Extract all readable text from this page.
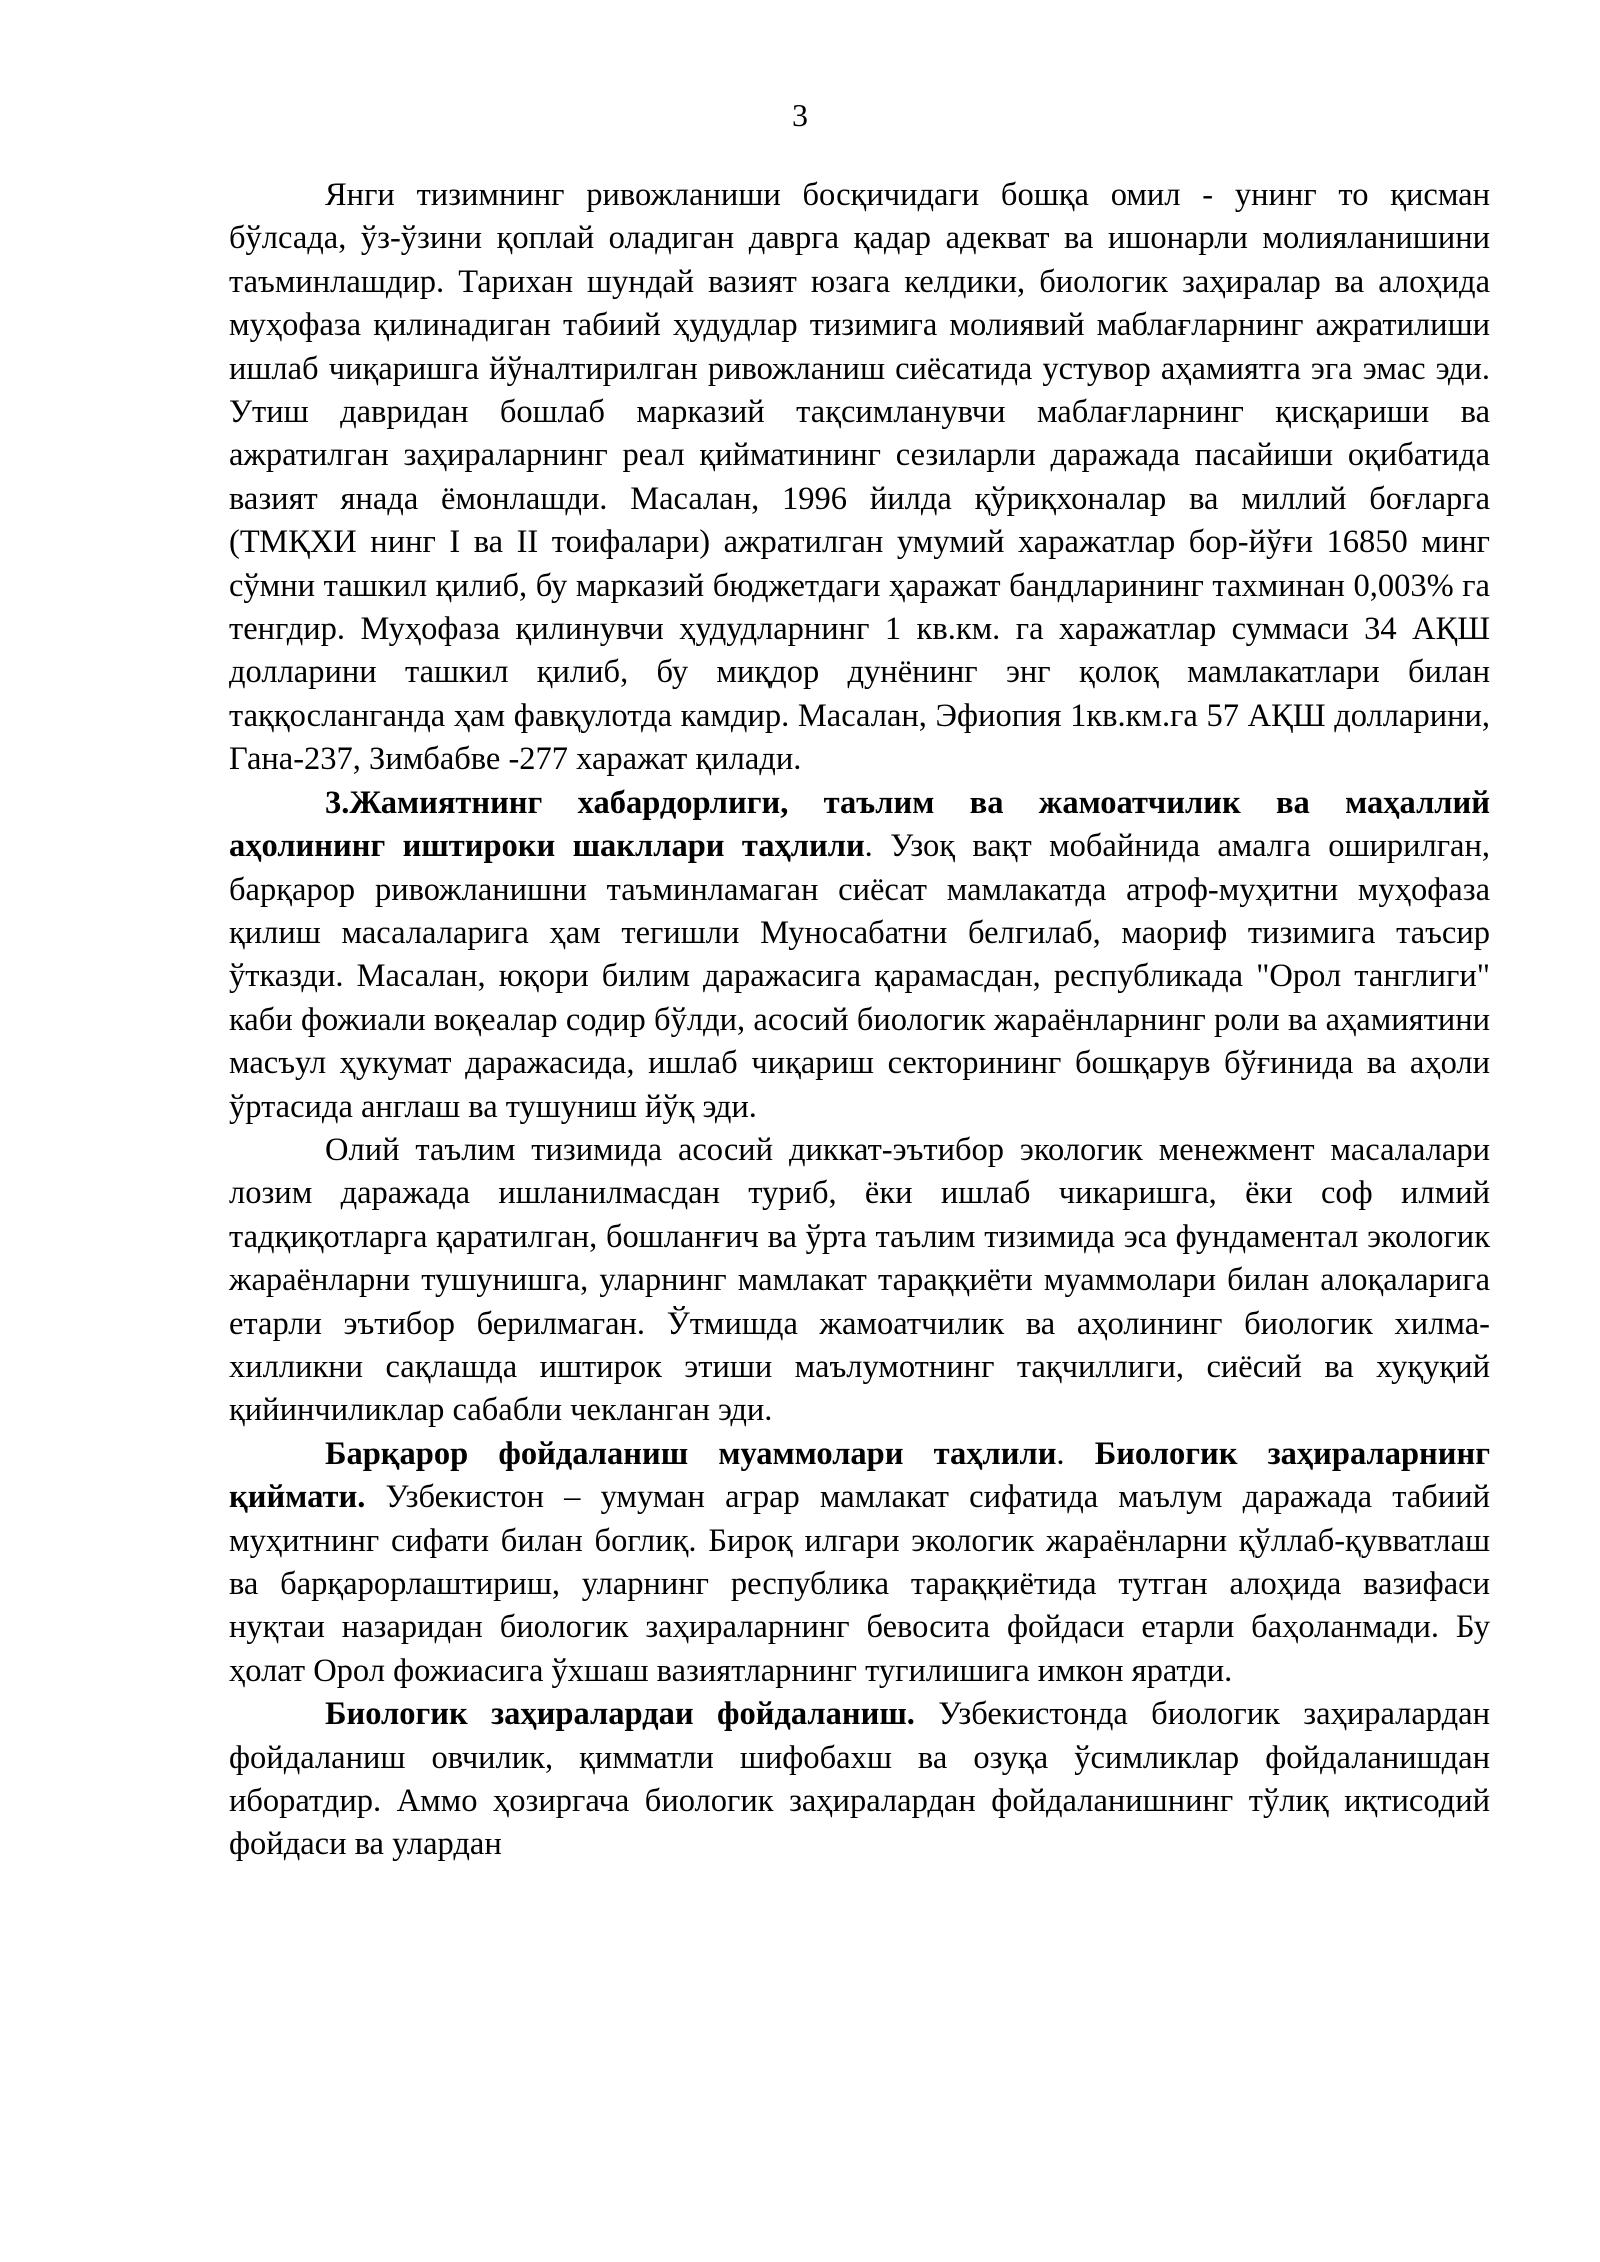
3

Янги тизимнинг ривожланиши босқичидаги бошқа омил - унинг то қисман бўлсада, ўз-ўзини қоплай оладиган даврга қадар адекват ва ишонарли молияланишини таъминлашдир. Тарихан шундай вазият юзага келдики, биологик заҳиралар ва алоҳида муҳофаза қилинадиган табиий ҳудудлар тизимига молиявий маблағларнинг ажратилиши ишлаб чиқаришга йўналтирилган ривожланиш сиёсатида устувор аҳамиятга эга эмас эди. Утиш давридан бошлаб марказий тақсимланувчи маблағларнинг қисқариши ва ажратилган заҳираларнинг реал қийматининг сезиларли даражада пасайиши оқибатида вазият янада ёмонлашди. Масалан, 1996 йилда қўриқхоналар ва миллий боғларга (ТМҚХИ нинг I ва II тоифалари) ажратилган умумий харажатлар бор-йўғи 16850 минг сўмни ташкил қилиб, бу марказий бюджетдаги ҳаражат бандларининг тахминан 0,003% га тенгдир. Муҳофаза қилинувчи ҳудудларнинг 1 кв.км. га харажатлар суммаси 34 АҚШ долларини ташкил қилиб, бу миқдор дунёнинг энг қолоқ мамлакатлари билан таққосланганда ҳам фавқулотда камдир. Масалан, Эфиопия 1кв.км.га 57 АҚШ долларини, Гана-237, Зимбабве -277 харажат қилади.

3.Жамиятнинг хабардорлиги, таълим ва жамоатчилик ва маҳаллий аҳолининг иштироки шакллари таҳлили. Узоқ вақт мобайнида амалга оширилган, барқарор ривожланишни таъминламаган сиёсат мамлакатда атроф-муҳитни муҳофаза қилиш масалаларига ҳам тегишли Муносабатни белгилаб, маориф тизимига таъсир ўтказди. Масалан, юқори билим даражасига қарамасдан, республикада "Орол танглиги" каби фожиали воқеалар содир бўлди, асосий биологик жараёнларнинг роли ва аҳамиятини масъул ҳукумат даражасида, ишлаб чиқариш секторининг бошқарув бўғинида ва аҳоли ўртасида англаш ва тушуниш йўқ эди.

Олий таълим тизимида асосий диккат-эътибор экологик менежмент масалалари лозим даражада ишланилмасдан туриб, ёки ишлаб чикаришга, ёки соф илмий тадқиқотларга қаратилган, бошланғич ва ўрта таълим тизимида эса фундаментал экологик жараёнларни тушунишга, уларнинг мамлакат тараққиёти муаммолари билан алоқаларига етарли эътибор берилмаган. Ўтмишда жамоатчилик ва аҳолининг биологик хилма-хилликни сақлашда иштирок этиши маълумотнинг тақчиллиги, сиёсий ва хуқуқий қийинчиликлар сабабли чекланган эди.

Барқарор фойдаланиш муаммолари таҳлили. Биологик заҳираларнинг қиймати. Узбекистон – умуман аграр мамлакат сифатида маълум даражада табиий муҳитнинг сифати билан боглиқ. Бироқ илгари экологик жараёнларни қўллаб-қувватлаш ва барқарорлаштириш, уларнинг республика тараққиётида тутган алоҳида вазифаси нуқтаи назаридан биологик заҳираларнинг бевосита фойдаси етарли баҳоланмади. Бу ҳолат Орол фожиасига ўхшаш вазиятларнинг тугилишига имкон яратди.

Биологик заҳиралардаи фойдаланиш. Узбекистонда биологик заҳиралардан фойдаланиш овчилик, қимматли шифобахш ва озуқа ўсимликлар фойдаланишдан иборатдир. Аммо ҳозиргача биологик заҳиралардан фойдаланишнинг тўлиқ иқтисодий фойдаси ва улардан
